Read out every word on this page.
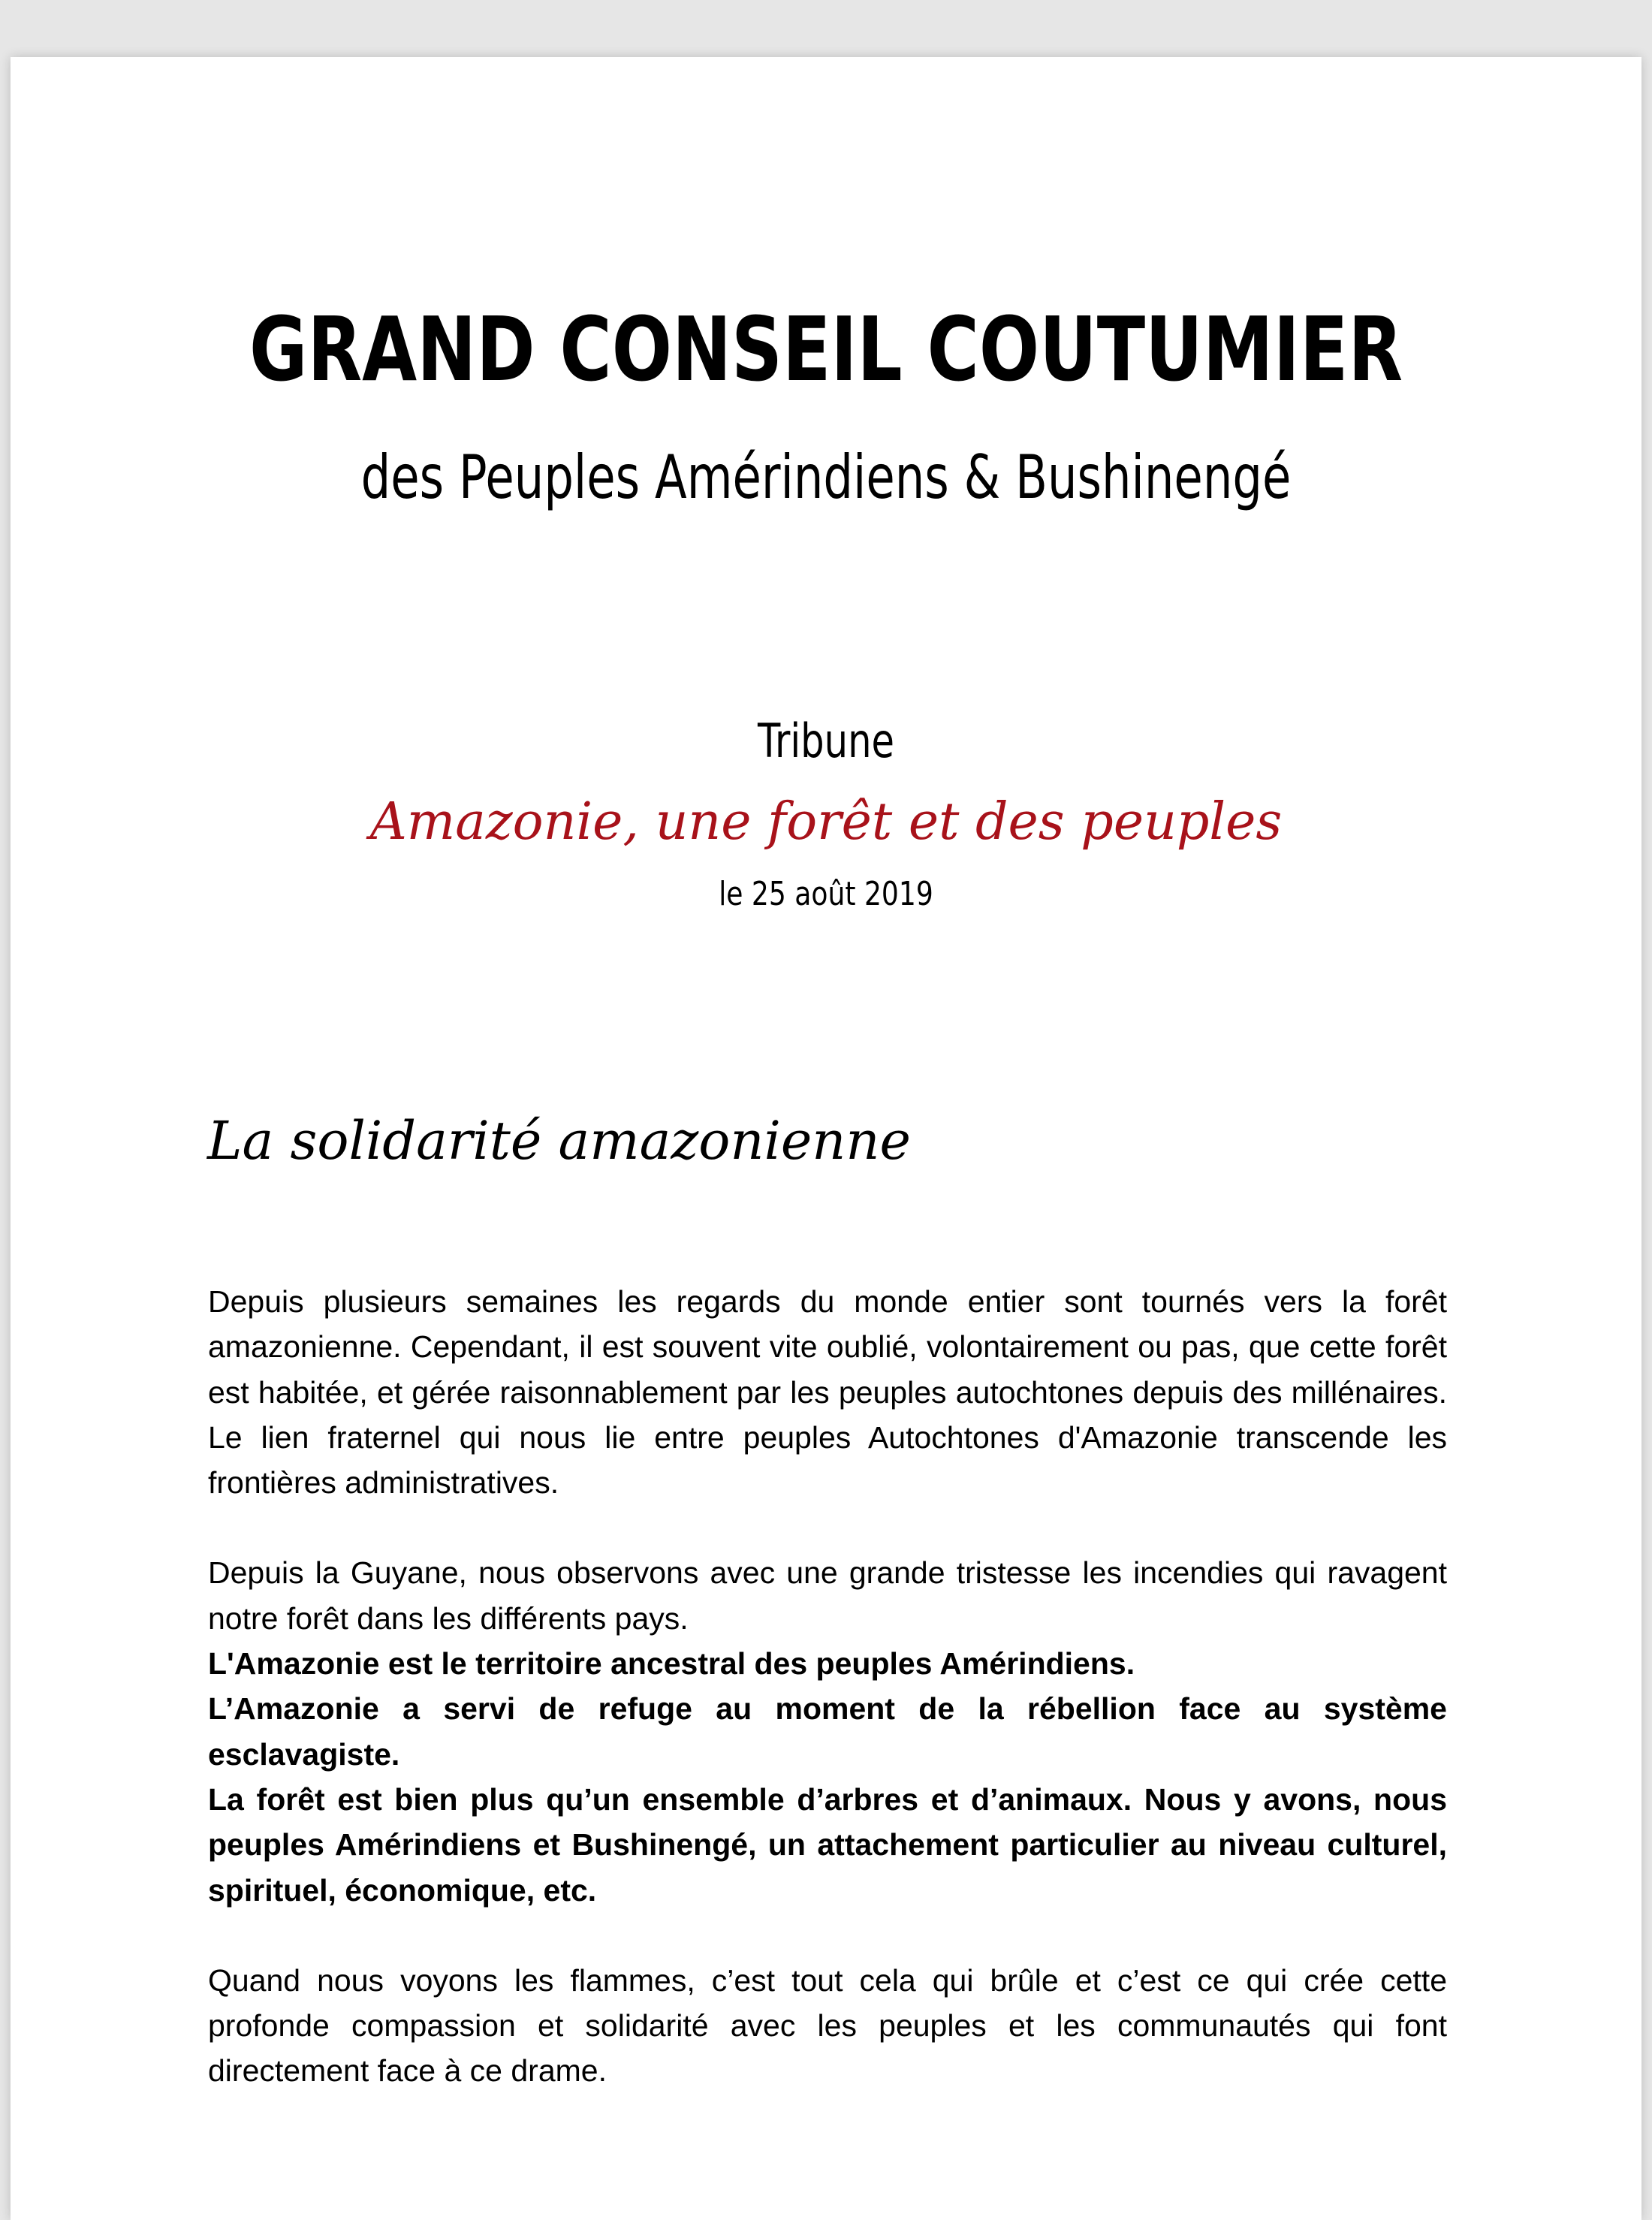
GRAND CONSEIL COUTUMIER
des Peuples Amérindiens & Bushinengé
Tribune
Amazonie, une forêt et des peuples
le 25 août 2019
La solidarité amazonienne

Depuis plusieurs semaines les regards du monde entier sont tournés vers la forêt amazonienne. Cependant, il est souvent vite oublié, volontairement ou pas, que cette forêt est habitée, et gérée raisonnablement par les peuples autochtones depuis des millénaires. Le lien fraternel qui nous lie entre peuples Autochtones d'Amazonie transcende les frontières administratives.

Depuis la Guyane, nous observons avec une grande tristesse les incendies qui ravagent notre forêt dans les différents pays.

L'Amazonie est le territoire ancestral des peuples Amérindiens.

L’Amazonie a servi de refuge au moment de la rébellion face au système esclavagiste.

La forêt est bien plus qu’un ensemble d’arbres et d’animaux. Nous y avons, nous peuples Amérindiens et Bushinengé, un attachement particulier au niveau culturel, spirituel, économique, etc.

Quand nous voyons les flammes, c’est tout cela qui brûle et c’est ce qui crée cette profonde compassion et solidarité avec les peuples et les communautés qui font directement face à ce drame.
